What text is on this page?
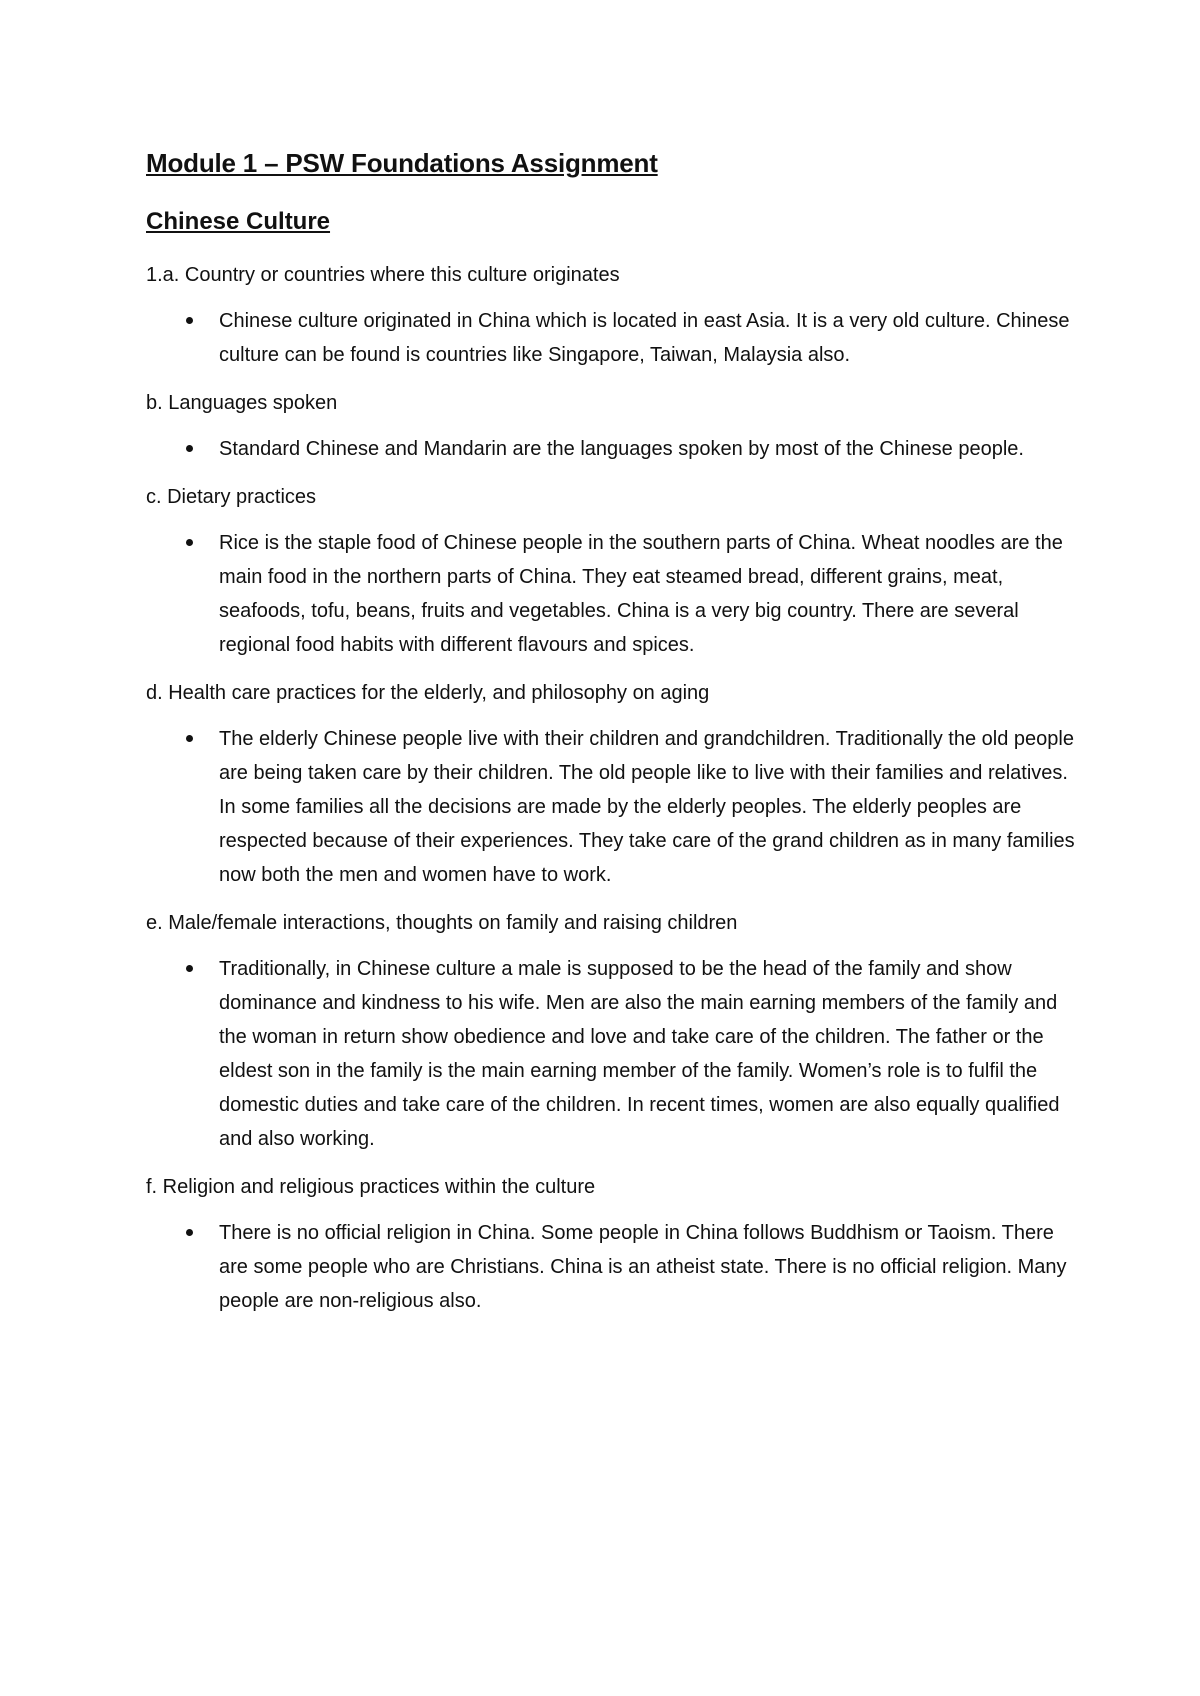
Module 1 – PSW Foundations Assignment
Chinese Culture

1.a. Country or countries where this culture originates

Chinese culture originated in China which is located in east Asia. It is a very old culture. Chinese culture can be found is countries like Singapore, Taiwan, Malaysia also.

b. Languages spoken

Standard Chinese and Mandarin are the languages spoken by most of the Chinese people.

c. Dietary practices

Rice is the staple food of Chinese people in the southern parts of China. Wheat noodles are the main food in the northern parts of China. They eat steamed bread, different grains, meat, seafoods, tofu, beans, fruits and vegetables. China is a very big country. There are several regional food habits with different flavours and spices.

d. Health care practices for the elderly, and philosophy on aging

The elderly Chinese people live with their children and grandchildren. Traditionally the old people are being taken care by their children. The old people like to live with their families and relatives. In some families all the decisions are made by the elderly peoples. The elderly peoples are respected because of their experiences. They take care of the grand children as in many families now both the men and women have to work.

e. Male/female interactions, thoughts on family and raising children

Traditionally, in Chinese culture a male is supposed to be the head of the family and show dominance and kindness to his wife. Men are also the main earning members of the family and the woman in return show obedience and love and take care of the children. The father or the eldest son in the family is the main earning member of the family. Women’s role is to fulfil the domestic duties and take care of the children. In recent times, women are also equally qualified and also working.

f. Religion and religious practices within the culture

There is no official religion in China. Some people in China follows Buddhism or Taoism. There are some people who are Christians. China is an atheist state. There is no official religion. Many people are non-religious also.
